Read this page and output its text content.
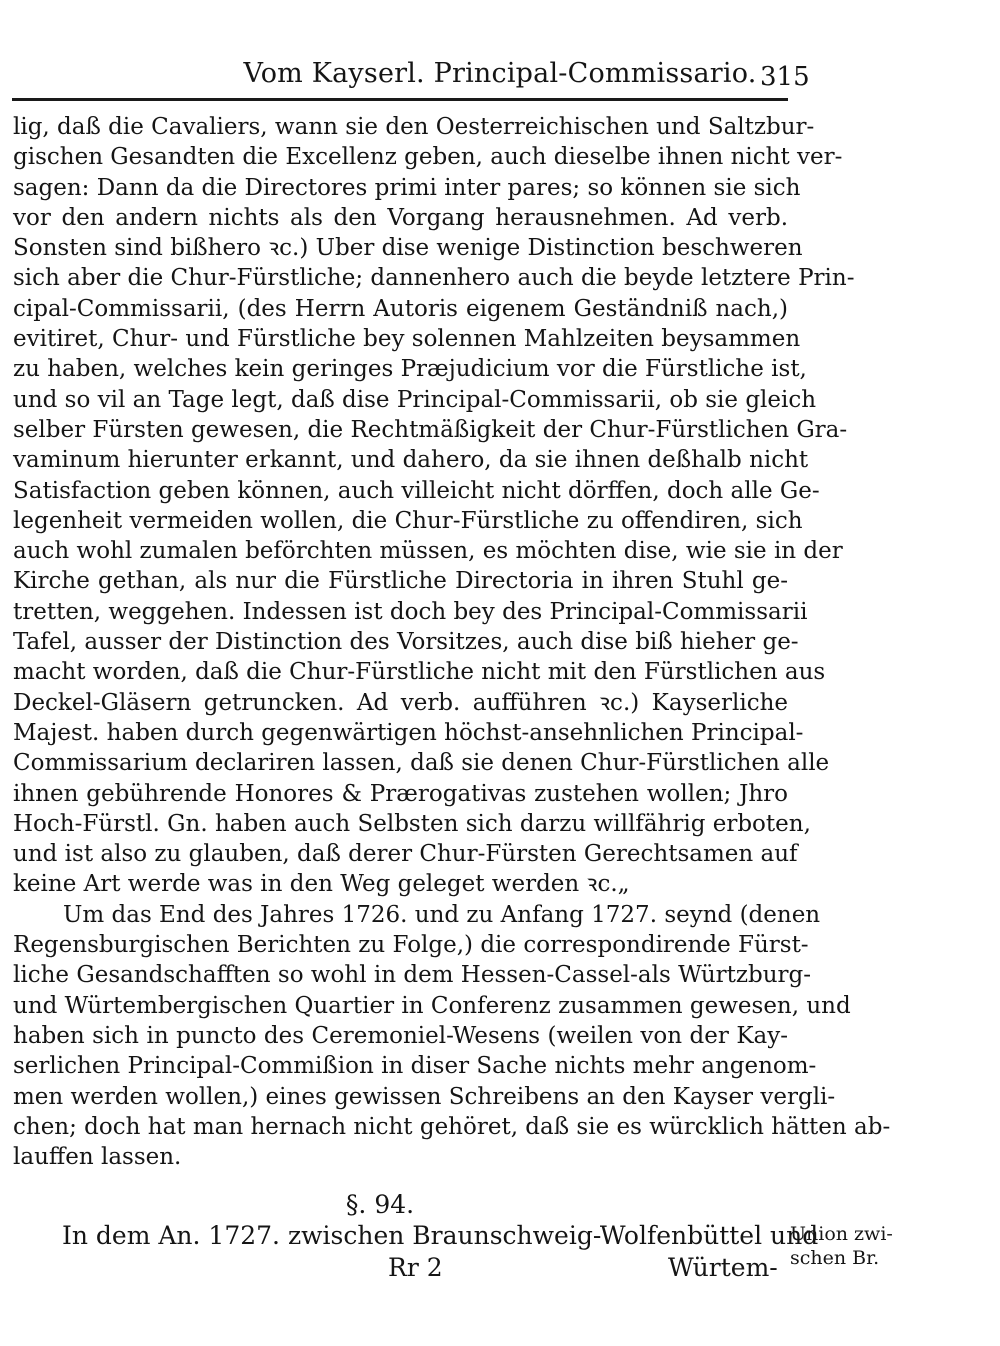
Vom Kayserl. Principal-Commissario. 315
lig, daß die Cavaliers, wann sie den Oesterreichischen und Saltzbur-
gischen Gesandten die Excellenz geben, auch dieselbe ihnen nicht ver-
sagen: Dann da die Directores primi inter pares; so können sie sich
vor den andern nichts als den Vorgang herausnehmen. Ad verb.
Sonsten sind bißhero ꝛc.) Uber dise wenige Distinction beschweren
sich aber die Chur-Fürstliche; dannenhero auch die beyde letztere Prin-
cipal-Commissarii, (des Herrn Autoris eigenem Geständniß nach,)
evitiret, Chur- und Fürstliche bey solennen Mahlzeiten beysammen
zu haben, welches kein geringes Præjudicium vor die Fürstliche ist,
und so vil an Tage legt, daß dise Principal-Commissarii, ob sie gleich
selber Fürsten gewesen, die Rechtmäßigkeit der Chur-Fürstlichen Gra-
vaminum hierunter erkannt, und dahero, da sie ihnen deßhalb nicht
Satisfaction geben können, auch villeicht nicht dörffen, doch alle Ge-
legenheit vermeiden wollen, die Chur-Fürstliche zu offendiren, sich
auch wohl zumalen beförchten müssen, es möchten dise, wie sie in der
Kirche gethan, als nur die Fürstliche Directoria in ihren Stuhl ge-
tretten, weggehen. Indessen ist doch bey des Principal-Commissarii
Tafel, ausser der Distinction des Vorsitzes, auch dise biß hieher ge-
macht worden, daß die Chur-Fürstliche nicht mit den Fürstlichen aus
Deckel-Gläsern getruncken. Ad verb. aufführen ꝛc.) Kayserliche
Majest. haben durch gegenwärtigen höchst-ansehnlichen Principal-
Commissarium declariren lassen, daß sie denen Chur-Fürstlichen alle
ihnen gebührende Honores & Prærogativas zustehen wollen; Jhro
Hoch-Fürstl. Gn. haben auch Selbsten sich darzu willfährig erboten,
und ist also zu glauben, daß derer Chur-Fürsten Gerechtsamen auf
keine Art werde was in den Weg geleget werden ꝛc.„
Um das End des Jahres 1726. und zu Anfang 1727. seynd (denen
Regensburgischen Berichten zu Folge,) die correspondirende Fürst-
liche Gesandschafften so wohl in dem Hessen-Cassel-als Würtzburg-
und Würtembergischen Quartier in Conferenz zusammen gewesen, und
haben sich in puncto des Ceremoniel-Wesens (weilen von der Kay-
serlichen Principal-Commißion in diser Sache nichts mehr angenom-
men werden wollen,) eines gewissen Schreibens an den Kayser vergli-
chen; doch hat man hernach nicht gehöret, daß sie es würcklich hätten ab-
lauffen lassen.
§. 94.
In dem An. 1727. zwischen Braunschweig-Wolfenbüttel und
Rr 2	Würtem-
Union zwi-
schen Br.
